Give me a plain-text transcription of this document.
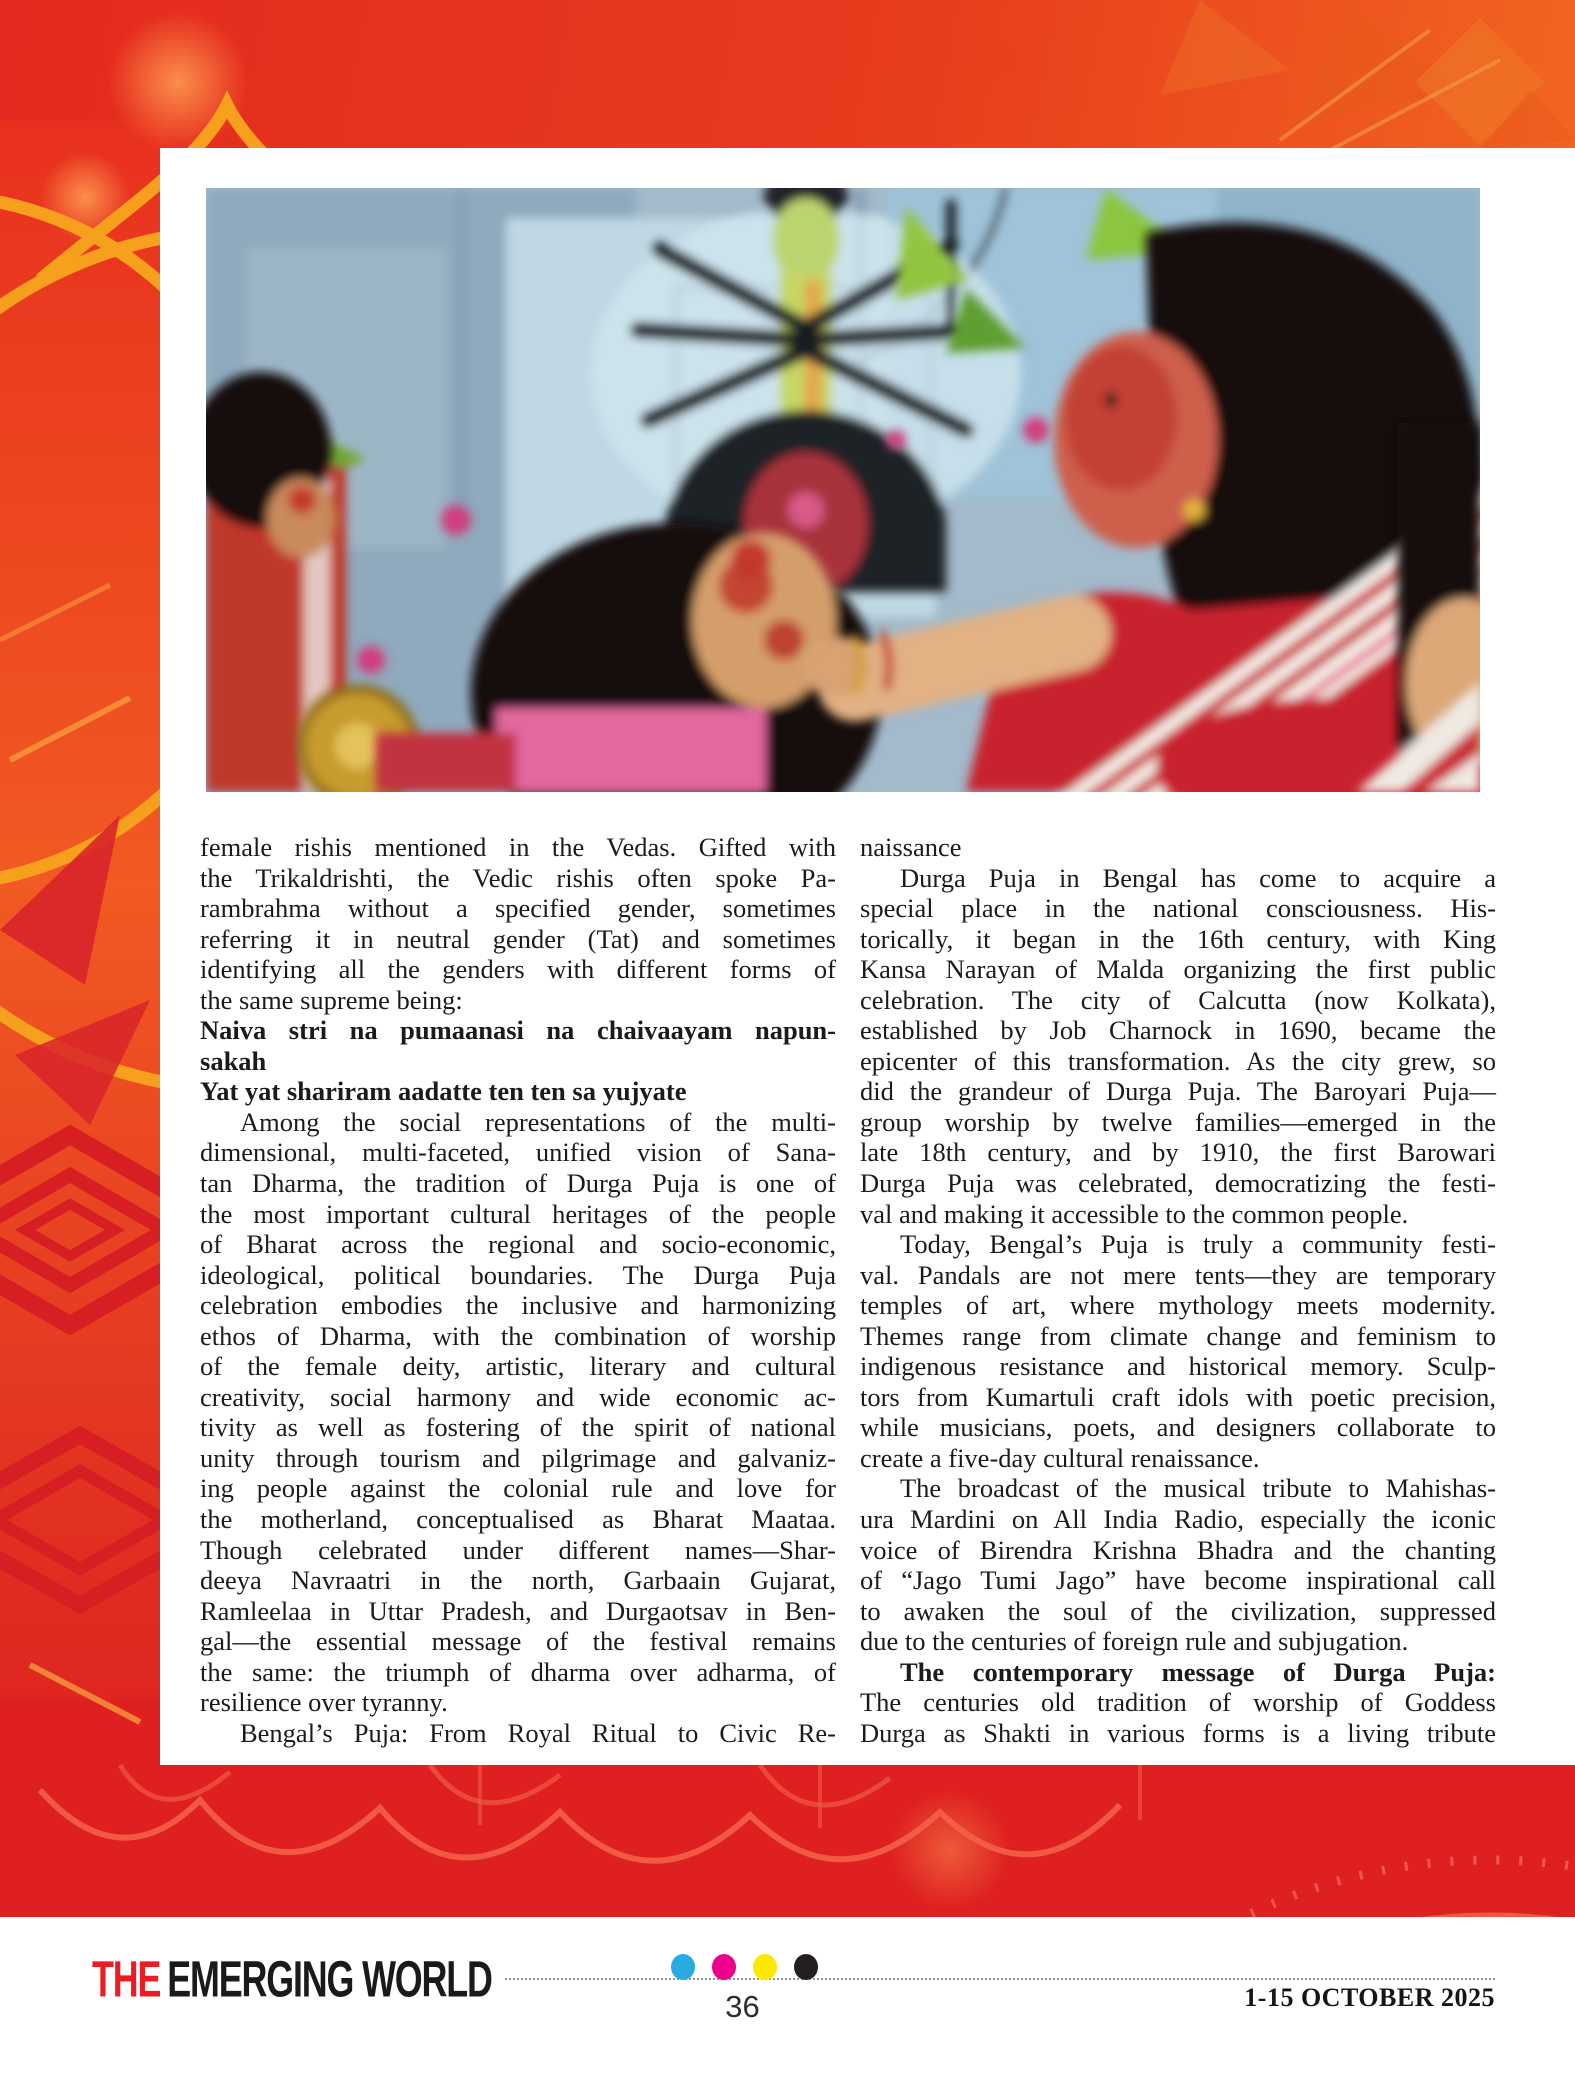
female rishis mentioned in the Vedas. Gifted with
the Trikaldrishti, the Vedic rishis often spoke Pa-
rambrahma without a specified gender, sometimes
referring it in neutral gender (Tat) and sometimes
identifying all the genders with different forms of
the same supreme being:
Naiva stri na pumaanasi na chaivaayam napun-
sakah
Yat yat shariram aadatte ten ten sa yujyate
Among the social representations of the multi-
dimensional, multi-faceted, unified vision of Sana-
tan Dharma, the tradition of Durga Puja is one of
the most important cultural heritages of the people
of Bharat across the regional and socio-economic,
ideological, political boundaries. The Durga Puja
celebration embodies the inclusive and harmonizing
ethos of Dharma, with the combination of worship
of the female deity, artistic, literary and cultural
creativity, social harmony and wide economic ac-
tivity as well as fostering of the spirit of national
unity through tourism and pilgrimage and galvaniz-
ing people against the colonial rule and love for
the motherland, conceptualised as Bharat Maataa.
Though celebrated under different names—Shar-
deeya Navraatri in the north, Garbaain Gujarat,
Ramleelaa in Uttar Pradesh, and Durgaotsav in Ben-
gal—the essential message of the festival remains
the same: the triumph of dharma over adharma, of
resilience over tyranny.
Bengal’s Puja: From Royal Ritual to Civic Re-
naissance
Durga Puja in Bengal has come to acquire a
special place in the national consciousness. His-
torically, it began in the 16th century, with King
Kansa Narayan of Malda organizing the first public
celebration. The city of Calcutta (now Kolkata),
established by Job Charnock in 1690, became the
epicenter of this transformation. As the city grew, so
did the grandeur of Durga Puja. The Baroyari Puja—
group worship by twelve families—emerged in the
late 18th century, and by 1910, the first Barowari
Durga Puja was celebrated, democratizing the festi-
val and making it accessible to the common people.
Today, Bengal’s Puja is truly a community festi-
val. Pandals are not mere tents—they are temporary
temples of art, where mythology meets modernity.
Themes range from climate change and feminism to
indigenous resistance and historical memory. Sculp-
tors from Kumartuli craft idols with poetic precision,
while musicians, poets, and designers collaborate to
create a five-day cultural renaissance.
The broadcast of the musical tribute to Mahishas-
ura Mardini on All India Radio, especially the iconic
voice of Birendra Krishna Bhadra and the chanting
of “Jago Tumi Jago” have become inspirational call
to awaken the soul of the civilization, suppressed
due to the centuries of foreign rule and subjugation.
The contemporary message of Durga Puja:
The centuries old tradition of worship of Goddess
Durga as Shakti in various forms is a living tribute
THE EMERGING WORLD	36	1-15 OCTOBER 2025
